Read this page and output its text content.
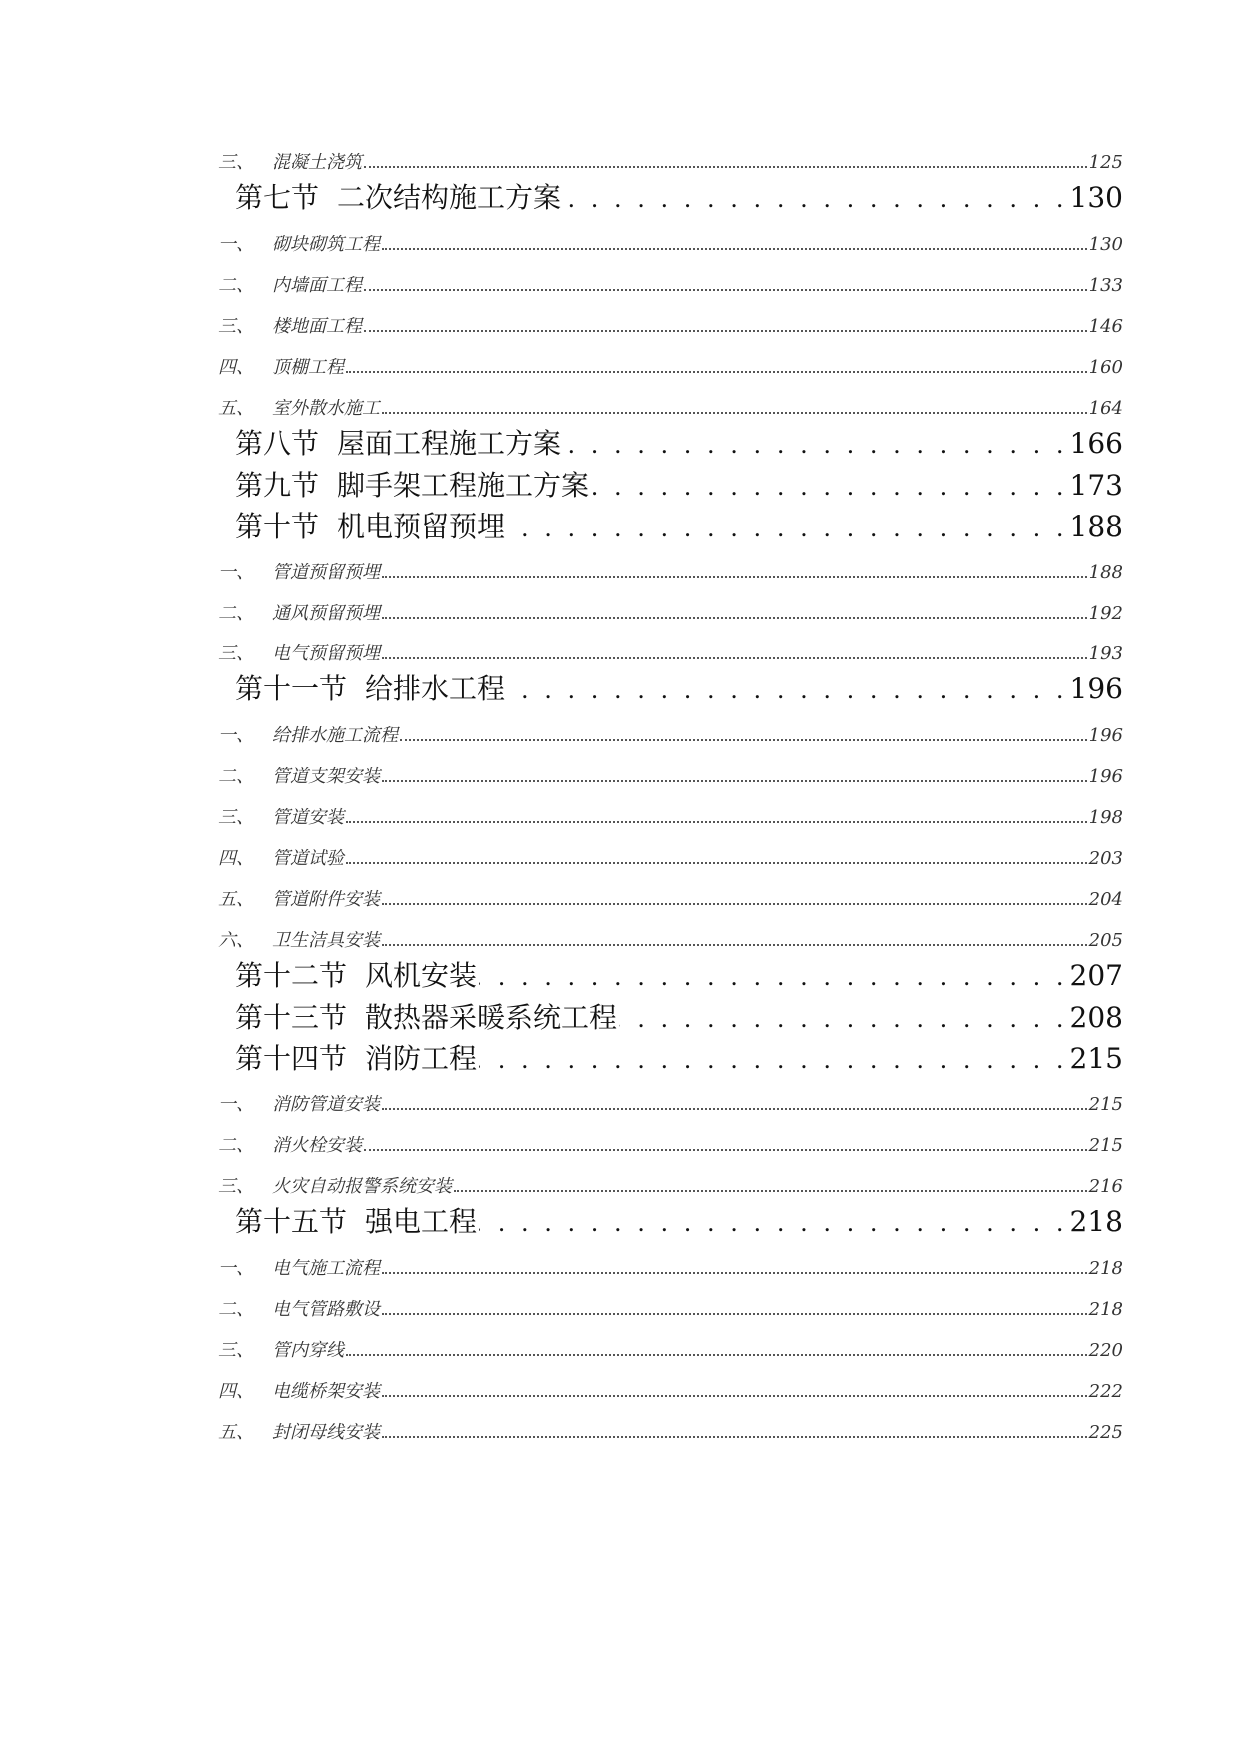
三、	混凝土浇筑	125
第七节 二次结构施工方案 . . .	130
一、	砌块砌筑工程	130
二、	内墙面工程	133
三、	楼地面工程	146
四、	顶棚工程	160
五、	室外散水施工	164
第八节 屋面工程施工方案 . . .	166
第九节 脚手架工程施工方案 . . .	173
第十节 机电预留预埋 . . .	188
一、	管道预留预埋	188
二、	通风预留预埋	192
三、	电气预留预埋	193
第十一节 给排水工程 . . .	196
一、	给排水施工流程	196
二、	管道支架安装	196
三、	管道安装	198
四、	管道试验	203
五、	管道附件安装	204
六、	卫生洁具安装	205
第十二节 风机安装 . . .	207
第十三节 散热器采暖系统工程 . . .	208
第十四节 消防工程 . . .	215
一、	消防管道安装	215
二、	消火栓安装	215
三、	火灾自动报警系统安装	216
第十五节 强电工程 . . .	218
一、	电气施工流程	218
二、	电气管路敷设	218
三、	管内穿线	220
四、	电缆桥架安装	222
五、	封闭母线安装	225
